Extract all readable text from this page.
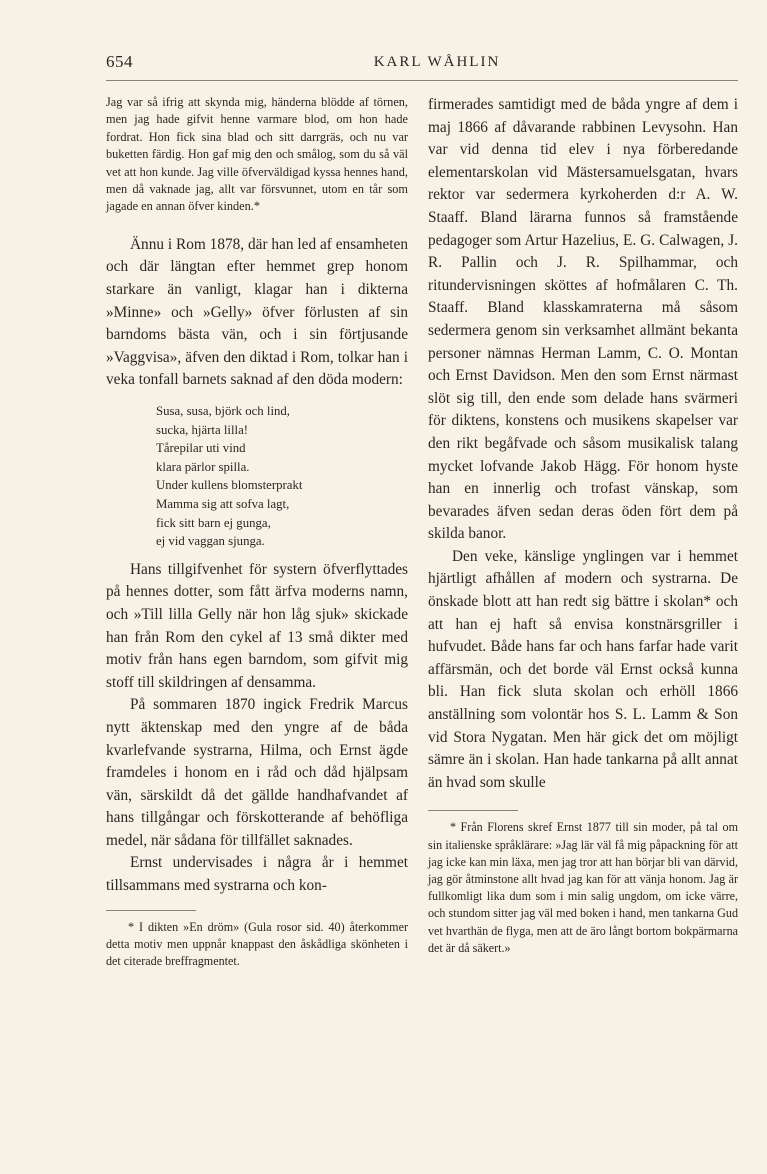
654	KARL WÅHLIN

Jag var så ifrig att skynda mig, händerna blödde af törnen, men jag hade gifvit henne varmare blod, om hon hade fordrat. Hon fick sina blad och sitt darrgräs, och nu var buketten färdig. Hon gaf mig den och smålog, som du så väl vet att hon kunde. Jag ville öfverväldigad kyssa hennes hand, men då vaknade jag, allt var försvunnet, utom en tår som jagade en annan öfver kinden.*

Ännu i Rom 1878, där han led af ensamheten och där längtan efter hemmet grep honom starkare än vanligt, klagar han i dikterna »Minne» och »Gelly» öfver förlusten af sin barndoms bästa vän, och i sin förtjusande »Vaggvisa», äfven den diktad i Rom, tolkar han i veka tonfall barnets saknad af den döda modern:

Susa, susa, björk och lind,
sucka, hjärta lilla!
Tårepilar uti vind
klara pärlor spilla.
Under kullens blomsterprakt
Mamma sig att sofva lagt,
fick sitt barn ej gunga,
ej vid vaggan sjunga.

Hans tillgifvenhet för systern öfverflyttades på hennes dotter, som fått ärfva moderns namn, och »Till lilla Gelly när hon låg sjuk» skickade han från Rom den cykel af 13 små dikter med motiv från hans egen barndom, som gifvit mig stoff till skildringen af densamma.

På sommaren 1870 ingick Fredrik Marcus nytt äktenskap med den yngre af de båda kvarlefvande systrarna, Hilma, och Ernst ägde framdeles i honom en i råd och dåd hjälpsam vän, särskildt då det gällde handhafvandet af hans tillgångar och förskotterande af behöfliga medel, när sådana för tillfället saknades.

Ernst undervisades i några år i hemmet tillsammans med systrarna och kon-

* I dikten »En dröm» (Gula rosor sid. 40) återkommer detta motiv men uppnår knappast den åskådliga skönheten i det citerade breffragmentet.

firmerades samtidigt med de båda yngre af dem i maj 1866 af dåvarande rabbinen Levysohn. Han var vid denna tid elev i nya förberedande elementarskolan vid Mästersamuelsgatan, hvars rektor var sedermera kyrkoherden d:r A. W. Staaff. Bland lärarna funnos så framstående pedagoger som Artur Hazelius, E. G. Calwagen, J. R. Pallin och J. R. Spilhammar, och ritundervisningen sköttes af hofmålaren C. Th. Staaff. Bland klasskamraterna må såsom sedermera genom sin verksamhet allmänt bekanta personer nämnas Herman Lamm, C. O. Montan och Ernst Davidson. Men den som Ernst närmast slöt sig till, den ende som delade hans svärmeri för diktens, konstens och musikens skapelser var den rikt begåfvade och såsom musikalisk talang mycket lofvande Jakob Hägg. För honom hyste han en innerlig och trofast vänskap, som bevarades äfven sedan deras öden fört dem på skilda banor.

Den veke, känslige ynglingen var i hemmet hjärtligt afhållen af modern och systrarna. De önskade blott att han redt sig bättre i skolan* och att han ej haft så envisa konstnärsgriller i hufvudet. Både hans far och hans farfar hade varit affärsmän, och det borde väl Ernst också kunna bli. Han fick sluta skolan och erhöll 1866 anställning som volontär hos S. L. Lamm & Son vid Stora Nygatan. Men här gick det om möjligt sämre än i skolan. Han hade tankarna på allt annat än hvad som skulle

* Från Florens skref Ernst 1877 till sin moder, på tal om sin italienske språklärare: »Jag lär väl få mig påpackning för att jag icke kan min läxa, men jag tror att han börjar bli van därvid, jag gör åtminstone allt hvad jag kan för att vänja honom. Jag är fullkomligt lika dum som i min salig ungdom, om icke värre, och stundom sitter jag väl med boken i hand, men tankarna Gud vet hvarthän de flyga, men att de äro långt bortom bokpärmarna det är då säkert.»
